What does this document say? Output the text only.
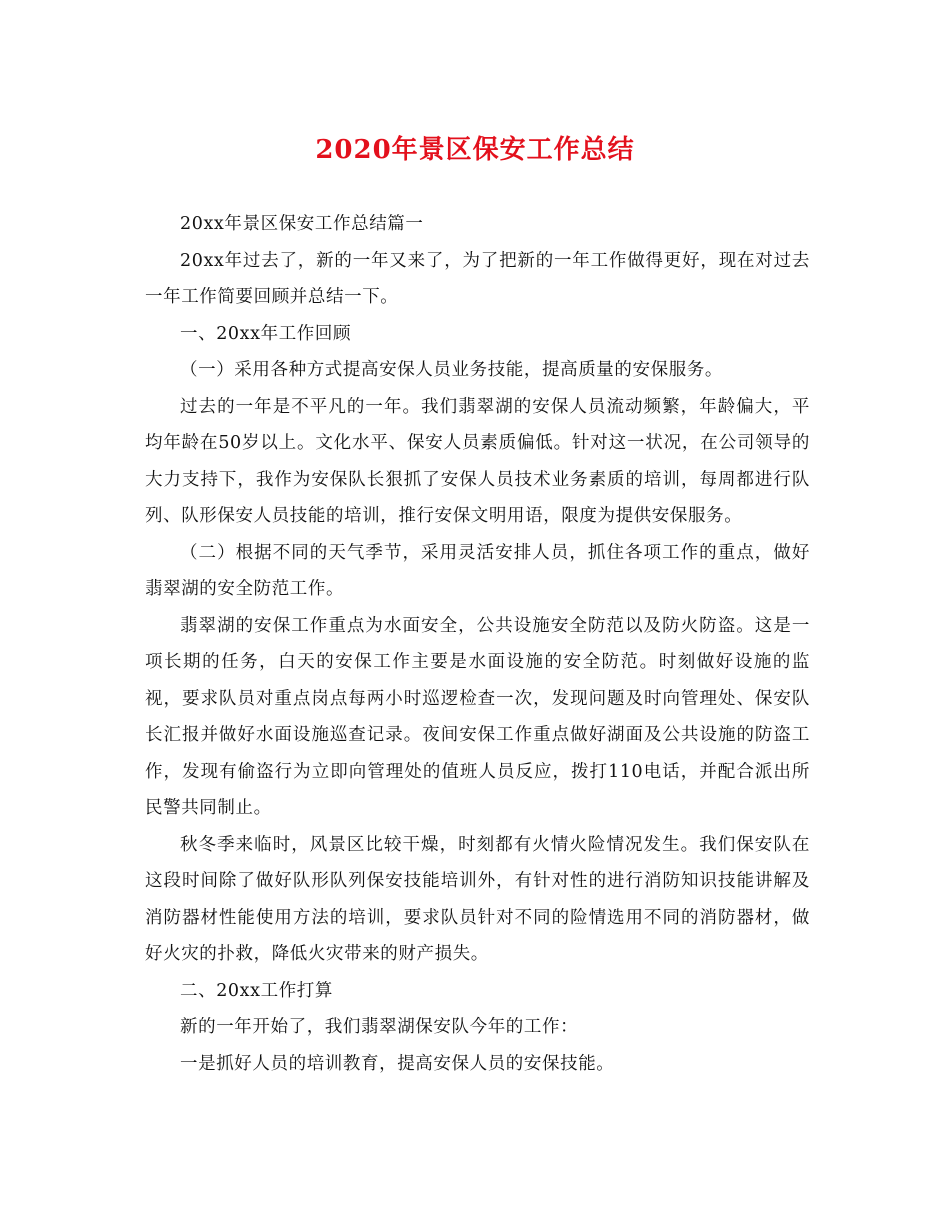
2020年景区保安工作总结

20xx年景区保安工作总结篇一

20xx年过去了，新的一年又来了，为了把新的一年工作做得更好，现在对过去一年工作简要回顾并总结一下。

一、20xx年工作回顾

（一）采用各种方式提高安保人员业务技能，提高质量的安保服务。

过去的一年是不平凡的一年。我们翡翠湖的安保人员流动频繁，年龄偏大，平均年龄在50岁以上。文化水平、保安人员素质偏低。针对这一状况，在公司领导的大力支持下，我作为安保队长狠抓了安保人员技术业务素质的培训，每周都进行队列、队形保安人员技能的培训，推行安保文明用语，限度为提供安保服务。

（二）根据不同的天气季节，采用灵活安排人员，抓住各项工作的重点，做好翡翠湖的安全防范工作。

翡翠湖的安保工作重点为水面安全，公共设施安全防范以及防火防盗。这是一项长期的任务，白天的安保工作主要是水面设施的安全防范。时刻做好设施的监视，要求队员对重点岗点每两小时巡逻检查一次，发现问题及时向管理处、保安队长汇报并做好水面设施巡查记录。夜间安保工作重点做好湖面及公共设施的防盗工作，发现有偷盗行为立即向管理处的值班人员反应，拨打110电话，并配合派出所民警共同制止。

秋冬季来临时，风景区比较干燥，时刻都有火情火险情况发生。我们保安队在这段时间除了做好队形队列保安技能培训外，有针对性的进行消防知识技能讲解及消防器材性能使用方法的培训，要求队员针对不同的险情选用不同的消防器材，做好火灾的扑救，降低火灾带来的财产损失。

二、20xx工作打算

新的一年开始了，我们翡翠湖保安队今年的工作：

一是抓好人员的培训教育，提高安保人员的安保技能。
